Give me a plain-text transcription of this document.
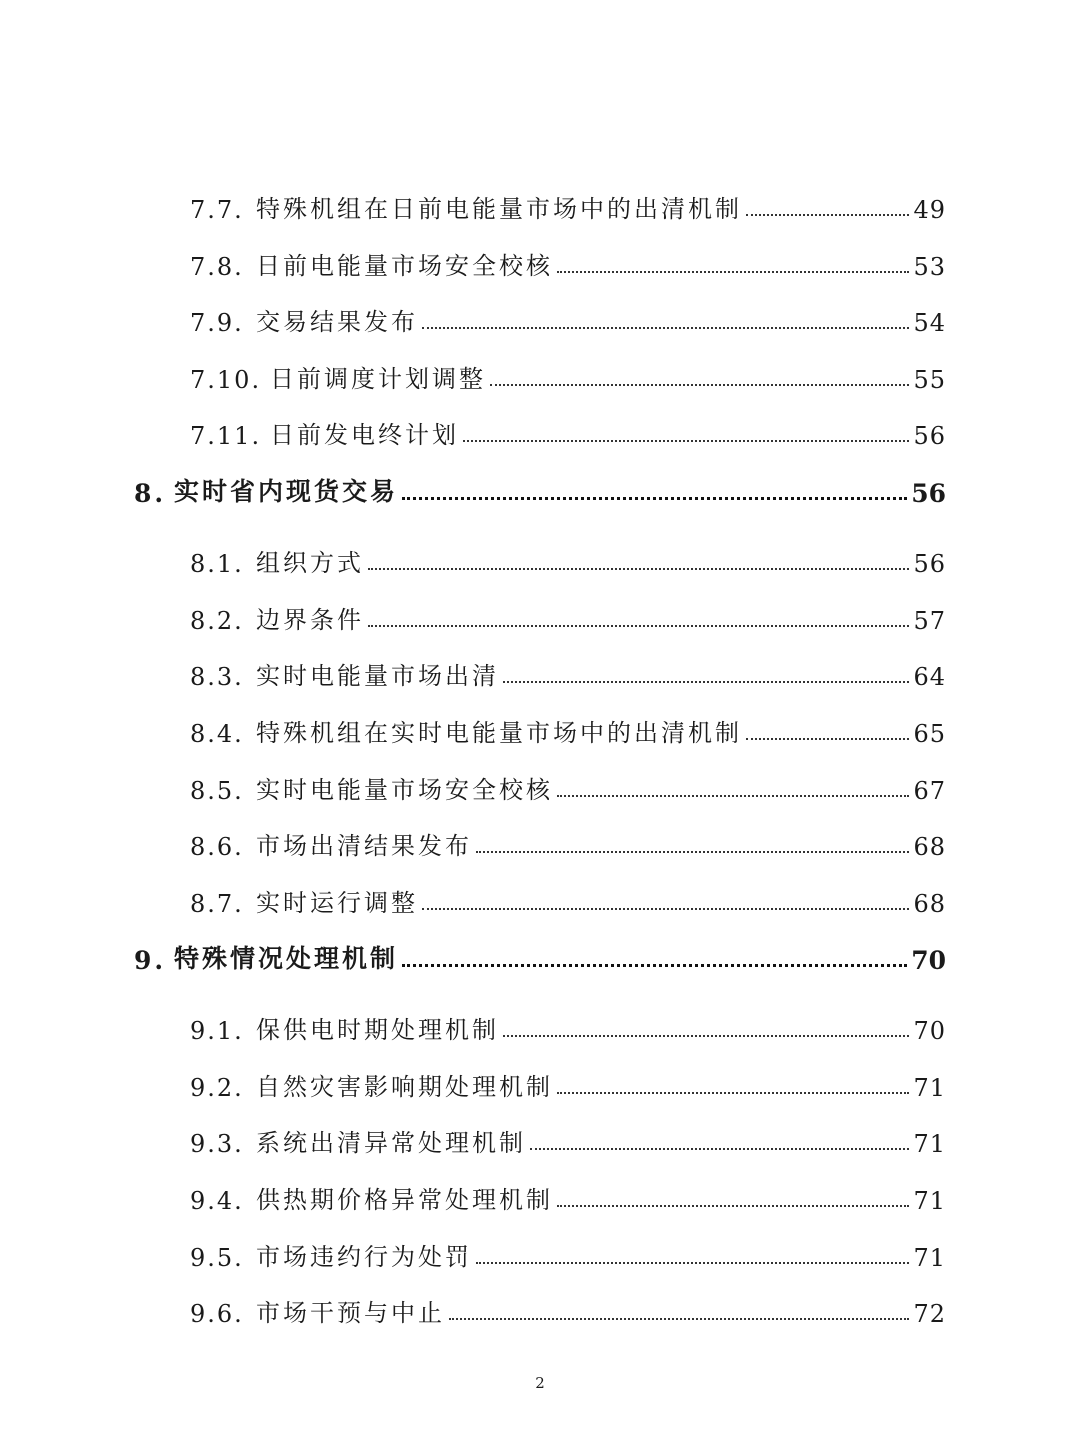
7.7. 特殊机组在日前电能量市场中的出清机制	49
7.8. 日前电能量市场安全校核	53
7.9. 交易结果发布	54
7.10. 日前调度计划调整	55
7.11. 日前发电终计划	56
8. 实时省内现货交易	56
8.1. 组织方式	56
8.2. 边界条件	57
8.3. 实时电能量市场出清	64
8.4. 特殊机组在实时电能量市场中的出清机制	65
8.5. 实时电能量市场安全校核	67
8.6. 市场出清结果发布	68
8.7. 实时运行调整	68
9. 特殊情况处理机制	70
9.1. 保供电时期处理机制	70
9.2. 自然灾害影响期处理机制	71
9.3. 系统出清异常处理机制	71
9.4. 供热期价格异常处理机制	71
9.5. 市场违约行为处罚	71
9.6. 市场干预与中止	72
2
